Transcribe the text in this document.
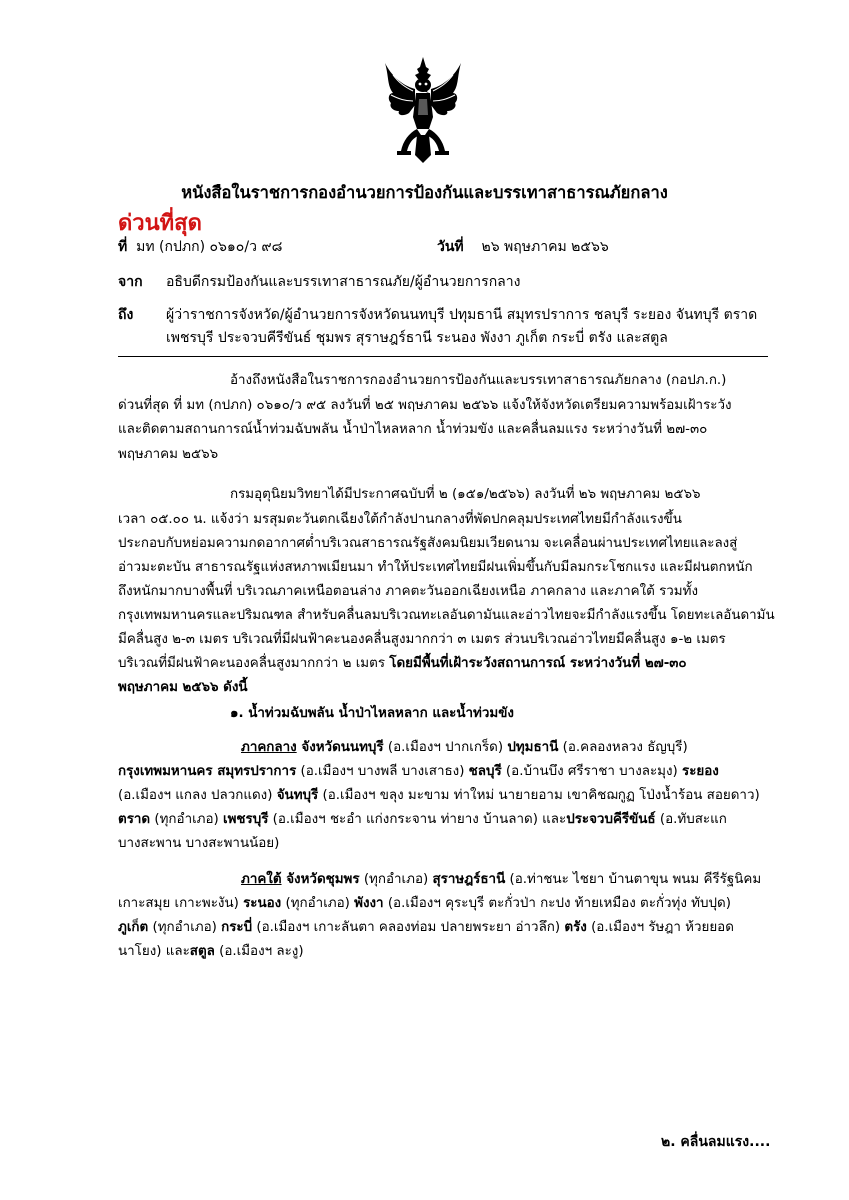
หนังสือในราชการกองอำนวยการป้องกันและบรรเทาสาธารณภัยกลาง
ด่วนที่สุด
ที่ มท (กปภก) ๐๖๑๐/ว ๙๘	วันที่ ๒๖ พฤษภาคม ๒๕๖๖
จาก อธิบดีกรมป้องกันและบรรเทาสาธารณภัย/ผู้อำนวยการกลาง
ถึง ผู้ว่าราชการจังหวัด/ผู้อำนวยการจังหวัดนนทบุรี ปทุมธานี สมุทรปราการ ชลบุรี ระยอง จันทบุรี ตราด
เพชรบุรี ประจวบคีรีขันธ์ ชุมพร สุราษฎร์ธานี ระนอง พังงา ภูเก็ต กระบี่ ตรัง และสตูล
อ้างถึงหนังสือในราชการกองอำนวยการป้องกันและบรรเทาสาธารณภัยกลาง (กอปภ.ก.)
ด่วนที่สุด ที่ มท (กปภก) ๐๖๑๐/ว ๙๕ ลงวันที่ ๒๕ พฤษภาคม ๒๕๖๖ แจ้งให้จังหวัดเตรียมความพร้อมเฝ้าระวัง
และติดตามสถานการณ์น้ำท่วมฉับพลัน น้ำป่าไหลหลาก น้ำท่วมขัง และคลื่นลมแรง ระหว่างวันที่ ๒๗-๓๐
พฤษภาคม ๒๕๖๖
กรมอุตุนิยมวิทยาได้มีประกาศฉบับที่ ๒ (๑๕๑/๒๕๖๖) ลงวันที่ ๒๖ พฤษภาคม ๒๕๖๖
เวลา ๐๕.๐๐ น. แจ้งว่า มรสุมตะวันตกเฉียงใต้กำลังปานกลางที่พัดปกคลุมประเทศไทยมีกำลังแรงขึ้น
ประกอบกับหย่อมความกดอากาศต่ำบริเวณสาธารณรัฐสังคมนิยมเวียดนาม จะเคลื่อนผ่านประเทศไทยและลงสู่
อ่าวมะตะบัน สาธารณรัฐแห่งสหภาพเมียนมา ทำให้ประเทศไทยมีฝนเพิ่มขึ้นกับมีลมกระโชกแรง และมีฝนตกหนัก
ถึงหนักมากบางพื้นที่ บริเวณภาคเหนือตอนล่าง ภาคตะวันออกเฉียงเหนือ ภาคกลาง และภาคใต้ รวมทั้ง
กรุงเทพมหานครและปริมณฑล สำหรับคลื่นลมบริเวณทะเลอันดามันและอ่าวไทยจะมีกำลังแรงขึ้น โดยทะเลอันดามัน
มีคลื่นสูง ๒-๓ เมตร บริเวณที่มีฝนฟ้าคะนองคลื่นสูงมากกว่า ๓ เมตร ส่วนบริเวณอ่าวไทยมีคลื่นสูง ๑-๒ เมตร
บริเวณที่มีฝนฟ้าคะนองคลื่นสูงมากกว่า ๒ เมตร โดยมีพื้นที่เฝ้าระวังสถานการณ์ ระหว่างวันที่ ๒๗-๓๐
พฤษภาคม ๒๕๖๖ ดังนี้
๑. น้ำท่วมฉับพลัน น้ำป่าไหลหลาก และน้ำท่วมขัง
ภาคกลาง จังหวัดนนทบุรี (อ.เมืองฯ ปากเกร็ด) ปทุมธานี (อ.คลองหลวง ธัญบุรี)
กรุงเทพมหานคร สมุทรปราการ (อ.เมืองฯ บางพลี บางเสาธง) ชลบุรี (อ.บ้านบึง ศรีราชา บางละมุง) ระยอง
(อ.เมืองฯ แกลง ปลวกแดง) จันทบุรี (อ.เมืองฯ ขลุง มะขาม ท่าใหม่ นายายอาม เขาคิชฌกูฏ โป่งน้ำร้อน สอยดาว)
ตราด (ทุกอำเภอ) เพชรบุรี (อ.เมืองฯ ชะอำ แก่งกระจาน ท่ายาง บ้านลาด) และประจวบคีรีขันธ์ (อ.ทับสะแก
บางสะพาน บางสะพานน้อย)
ภาคใต้ จังหวัดชุมพร (ทุกอำเภอ) สุราษฎร์ธานี (อ.ท่าชนะ ไชยา บ้านตาขุน พนม คีรีรัฐนิคม
เกาะสมุย เกาะพะงัน) ระนอง (ทุกอำเภอ) พังงา (อ.เมืองฯ คุระบุรี ตะกั่วป่า กะปง ท้ายเหมือง ตะกั่วทุ่ง ทับปุด)
ภูเก็ต (ทุกอำเภอ) กระบี่ (อ.เมืองฯ เกาะลันตา คลองท่อม ปลายพระยา อ่าวลึก) ตรัง (อ.เมืองฯ รัษฎา ห้วยยอด
นาโยง) และสตูล (อ.เมืองฯ ละงู)
๒. คลื่นลมแรง....
